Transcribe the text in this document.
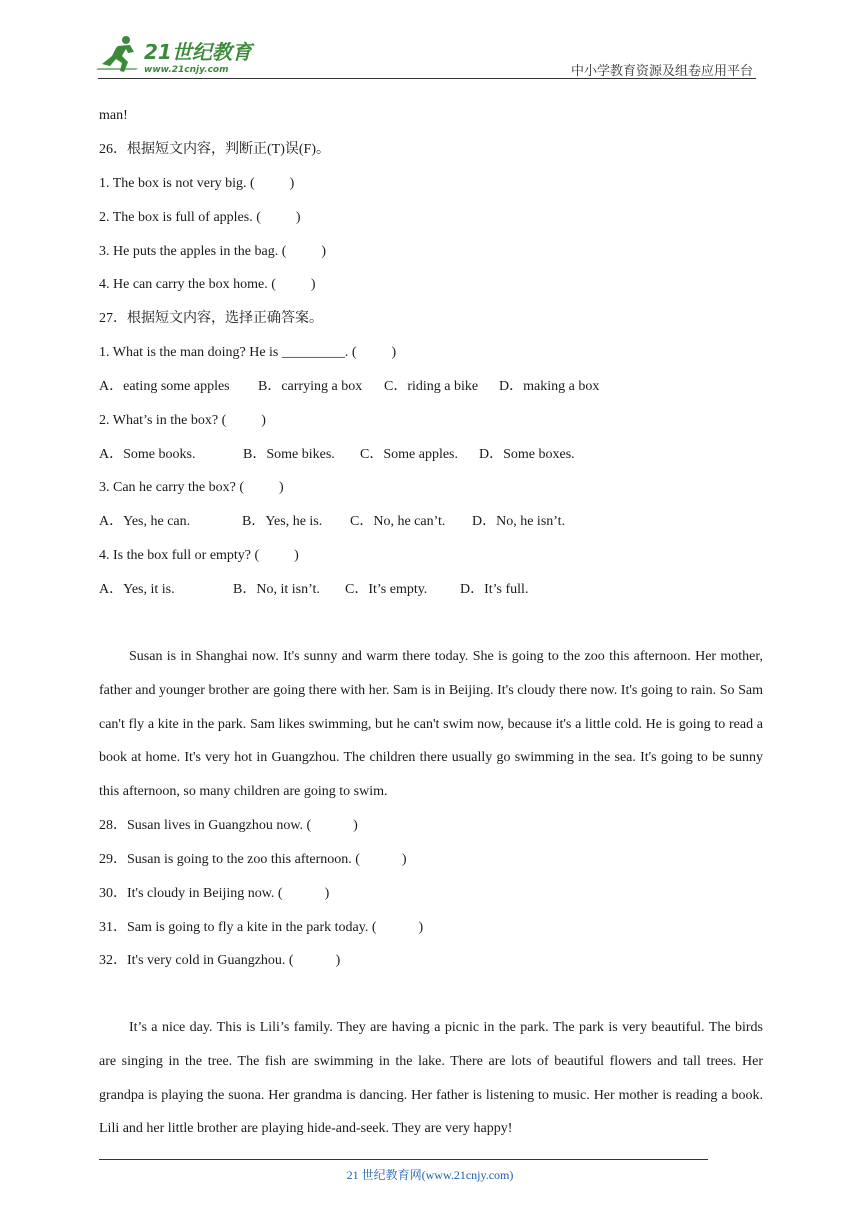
21世纪教育
www.21cnjy.com	中小学教育资源及组卷应用平台
man!
26．根据短文内容，判断正(T)误(F)。
1. The box is not very big. (          )
2. The box is full of apples. (          )
3. He puts the apples in the bag. (          )
4. He can carry the box home. (          )
27．根据短文内容，选择正确答案。
1. What is the man doing? He is _________. (          )
A．eating some apples B．carrying a box C．riding a bike D．making a box
2. What’s in the box? (          )
A．Some books.	B．Some bikes. C．Some apples. D．Some boxes.
3. Can he carry the box? (          )
A．Yes, he can.	B．Yes, he is. C．No, he can’t. D．No, he isn’t.
4. Is the box full or empty? (          )
A．Yes, it is.	B．No, it isn’t. C．It’s empty. D．It’s full.
Susan is in Shanghai now. It's sunny and warm there today. She is going to the zoo this afternoon. Her mother, father and younger brother are going there with her. Sam is in Beijing. It's cloudy there now. It's going to rain. So Sam can't fly a kite in the park. Sam likes swimming, but he can't swim now, because it's a little cold. He is going to read a book at home. It's very hot in Guangzhou. The children there usually go swimming in the sea. It's going to be sunny this afternoon, so many children are going to swim.
28．Susan lives in Guangzhou now. (            )
29．Susan is going to the zoo this afternoon. (            )
30．It's cloudy in Beijing now. (            )
31．Sam is going to fly a kite in the park today. (            )
32．It's very cold in Guangzhou. (            )
It’s a nice day. This is Lili’s family. They are having a picnic in the park. The park is very beautiful. The birds are singing in the tree. The fish are swimming in the lake. There are lots of beautiful flowers and tall trees. Her grandpa is playing the suona. Her grandma is dancing. Her father is listening to music. Her mother is reading a book. Lili and her little brother are playing hide-and-seek. They are very happy!
21 世纪教育网(www.21cnjy.com)
